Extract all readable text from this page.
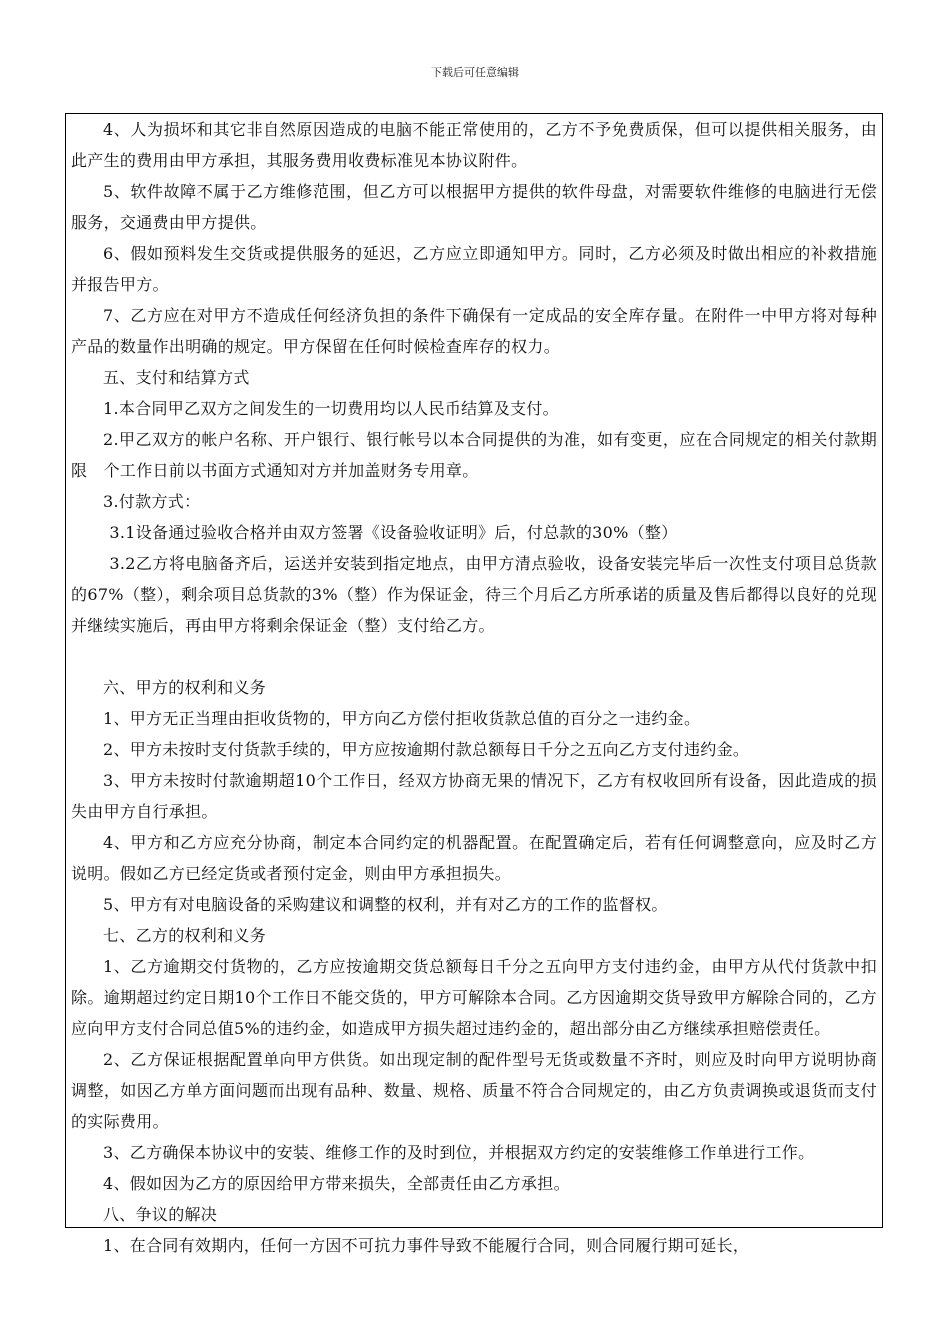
下载后可任意编辑

4、人为损坏和其它非自然原因造成的电脑不能正常使用的，乙方不予免费质保，但可以提供相关服务，由此产生的费用由甲方承担，其服务费用收费标准见本协议附件。

5、软件故障不属于乙方维修范围，但乙方可以根据甲方提供的软件母盘，对需要软件维修的电脑进行无偿服务，交通费由甲方提供。

6、假如预料发生交货或提供服务的延迟，乙方应立即通知甲方。同时，乙方必须及时做出相应的补救措施并报告甲方。

7、乙方应在对甲方不造成任何经济负担的条件下确保有一定成品的安全库存量。在附件一中甲方将对每种产品的数量作出明确的规定。甲方保留在任何时候检查库存的权力。

五、支付和结算方式

1.本合同甲乙双方之间发生的一切费用均以人民币结算及支付。

2.甲乙双方的帐户名称、开户银行、银行帐号以本合同提供的为准，如有变更，应在合同规定的相关付款期限　个工作日前以书面方式通知对方并加盖财务专用章。

3.付款方式：

3.1设备通过验收合格并由双方签署《设备验收证明》后，付总款的30%（整）

3.2乙方将电脑备齐后，运送并安装到指定地点，由甲方清点验收，设备安装完毕后一次性支付项目总货款的67%（整），剩余项目总货款的3%（整）作为保证金，待三个月后乙方所承诺的质量及售后都得以良好的兑现并继续实施后，再由甲方将剩余保证金（整）支付给乙方。

六、甲方的权利和义务

1、甲方无正当理由拒收货物的，甲方向乙方偿付拒收货款总值的百分之一违约金。

2、甲方未按时支付货款手续的，甲方应按逾期付款总额每日千分之五向乙方支付违约金。

3、甲方未按时付款逾期超10个工作日，经双方协商无果的情况下，乙方有权收回所有设备，因此造成的损失由甲方自行承担。

4、甲方和乙方应充分协商，制定本合同约定的机器配置。在配置确定后，若有任何调整意向，应及时乙方说明。假如乙方已经定货或者预付定金，则由甲方承担损失。

5、甲方有对电脑设备的采购建议和调整的权利，并有对乙方的工作的监督权。

七、乙方的权利和义务

1、乙方逾期交付货物的，乙方应按逾期交货总额每日千分之五向甲方支付违约金，由甲方从代付货款中扣除。逾期超过约定日期10个工作日不能交货的，甲方可解除本合同。乙方因逾期交货导致甲方解除合同的，乙方应向甲方支付合同总值5%的违约金，如造成甲方损失超过违约金的，超出部分由乙方继续承担赔偿责任。

2、乙方保证根据配置单向甲方供货。如出现定制的配件型号无货或数量不齐时，则应及时向甲方说明协商调整，如因乙方单方面问题而出现有品种、数量、规格、质量不符合合同规定的，由乙方负责调换或退货而支付的实际费用。

3、乙方确保本协议中的安装、维修工作的及时到位，并根据双方约定的安装维修工作单进行工作。

4、假如因为乙方的原因给甲方带来损失，全部责任由乙方承担。

八、争议的解决

1、在合同有效期内，任何一方因不可抗力事件导致不能履行合同，则合同履行期可延长，
